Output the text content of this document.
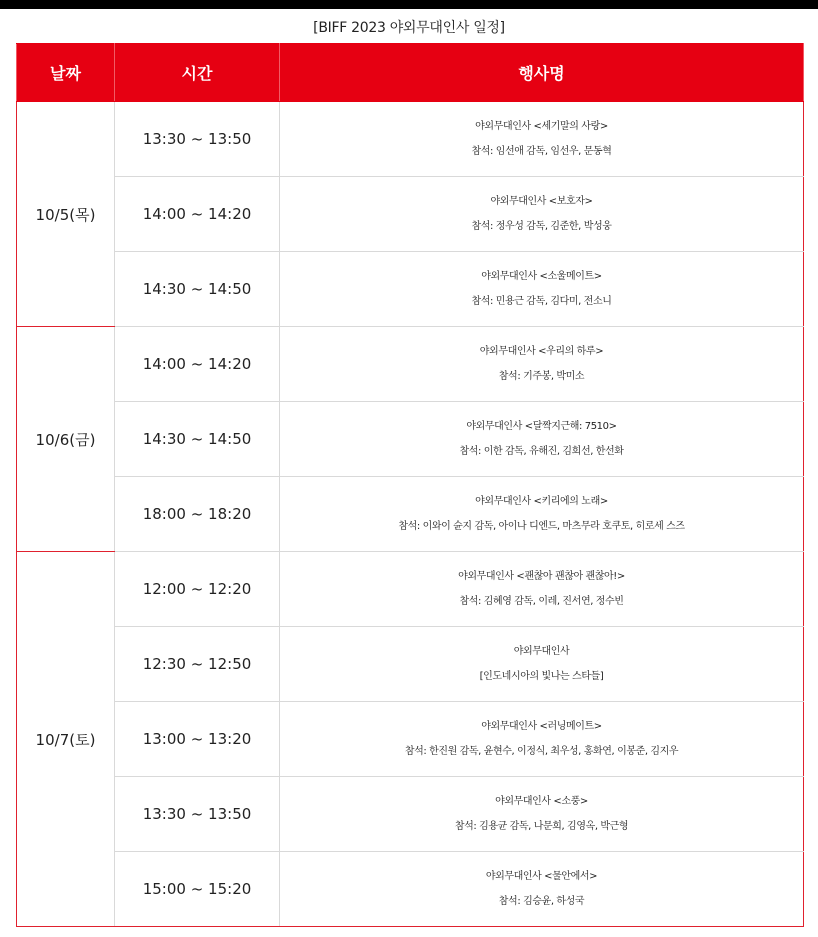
[BIFF 2023 야외무대인사 일정]
날짜	시간	행사명
10/5(목)	13:30 ~ 13:50	야외무대인사 <세기말의 사랑>
참석: 임선애 감독, 임선우, 문동혁

	14:00 ~ 14:20	야외무대인사 <보호자>
참석: 정우성 감독, 김준한, 박성웅

	14:30 ~ 14:50	야외무대인사 <소울메이트>
참석: 민용근 감독, 김다미, 전소니

10/6(금)	14:00 ~ 14:20	야외무대인사 <우리의 하루>
참석: 기주봉, 박미소

	14:30 ~ 14:50	야외무대인사 <달짝지근해: 7510>
참석: 이한 감독, 유해진, 김희선, 한선화

	18:00 ~ 18:20	야외무대인사 <키리에의 노래>
참석: 이와이 슌지 감독, 아이나 디엔드, 마츠무라 호쿠토, 히로세 스즈

10/7(토)	12:00 ~ 12:20	야외무대인사 <괜찮아 괜찮아 괜찮아!>
참석: 김혜영 감독, 이레, 진서연, 정수빈

	12:30 ~ 12:50	야외무대인사
[인도네시아의 빛나는 스타들]

	13:00 ~ 13:20	야외무대인사 <러닝메이트>
참석: 한진원 감독, 윤현수, 이정식, 최우성, 홍화연, 이봉준, 김지우

	13:30 ~ 13:50	야외무대인사 <소풍>
참석: 김용균 감독, 나문희, 김영옥, 박근형

	15:00 ~ 15:20	야외무대인사 <물안에서>
참석: 김승윤, 하성국
